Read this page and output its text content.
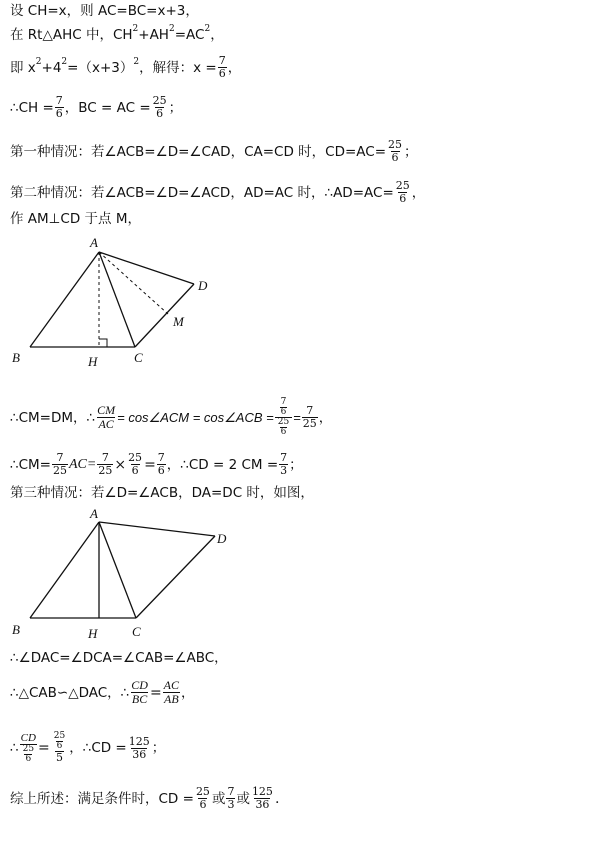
设 CH=x，则 AC=BC=x+3，
在 Rt△AHC 中，CH 2 +AH 2 =AC 2 ，
即 x 2 +4 2 =（x+3） 2 ，解得：$x = \frac{7}{6}$ ，
∴CH = $\frac{7}{6}$ ，BC = AC = $\frac{25}{6}$ ；
第一种情况：若∠ACB=∠D=∠CAD，CA=CD 时，$CD=AC= \frac{25}{6}$ ；
第二种情况：若∠ACB=∠D=∠ACD，AD=AC 时，∴AD=AC= $\frac{25}{6}$ ，
作 AM⊥CD 于点 M，
A
B	C
D
H
M
∴CM=DM，∴ $\frac{CM}{AC}$ = cos∠ACM = cos∠ACB = $\frac{\frac{7}{6}}{\frac{25}{6}} = \frac{7}{25}$ ，
∴CM= $\frac{7}{25} AC= \frac{7}{25} \times \frac{25}{6} = \frac{7}{6}$ ，∴CD = 2 CM = $\frac{7}{3}$ ；
第三种情况：若∠D=∠ACB，DA=DC 时，如图，
A
B	C
D
H
∴∠DAC=∠DCA=∠CAB=∠ABC，
∴△CAB∽△DAC，∴ $\frac{CD}{BC} = \frac{AC}{AB}$ ，
∴ $\frac{CD}{\frac{25}{6}} = \frac{\frac{25}{6}}{5}$ ，∴CD = $\frac{125}{36}$ ；
综上所述：满足条件时，CD = $\frac{25}{6}$ 或 $\frac{7}{3}$ 或 $\frac{125}{36}$ .
